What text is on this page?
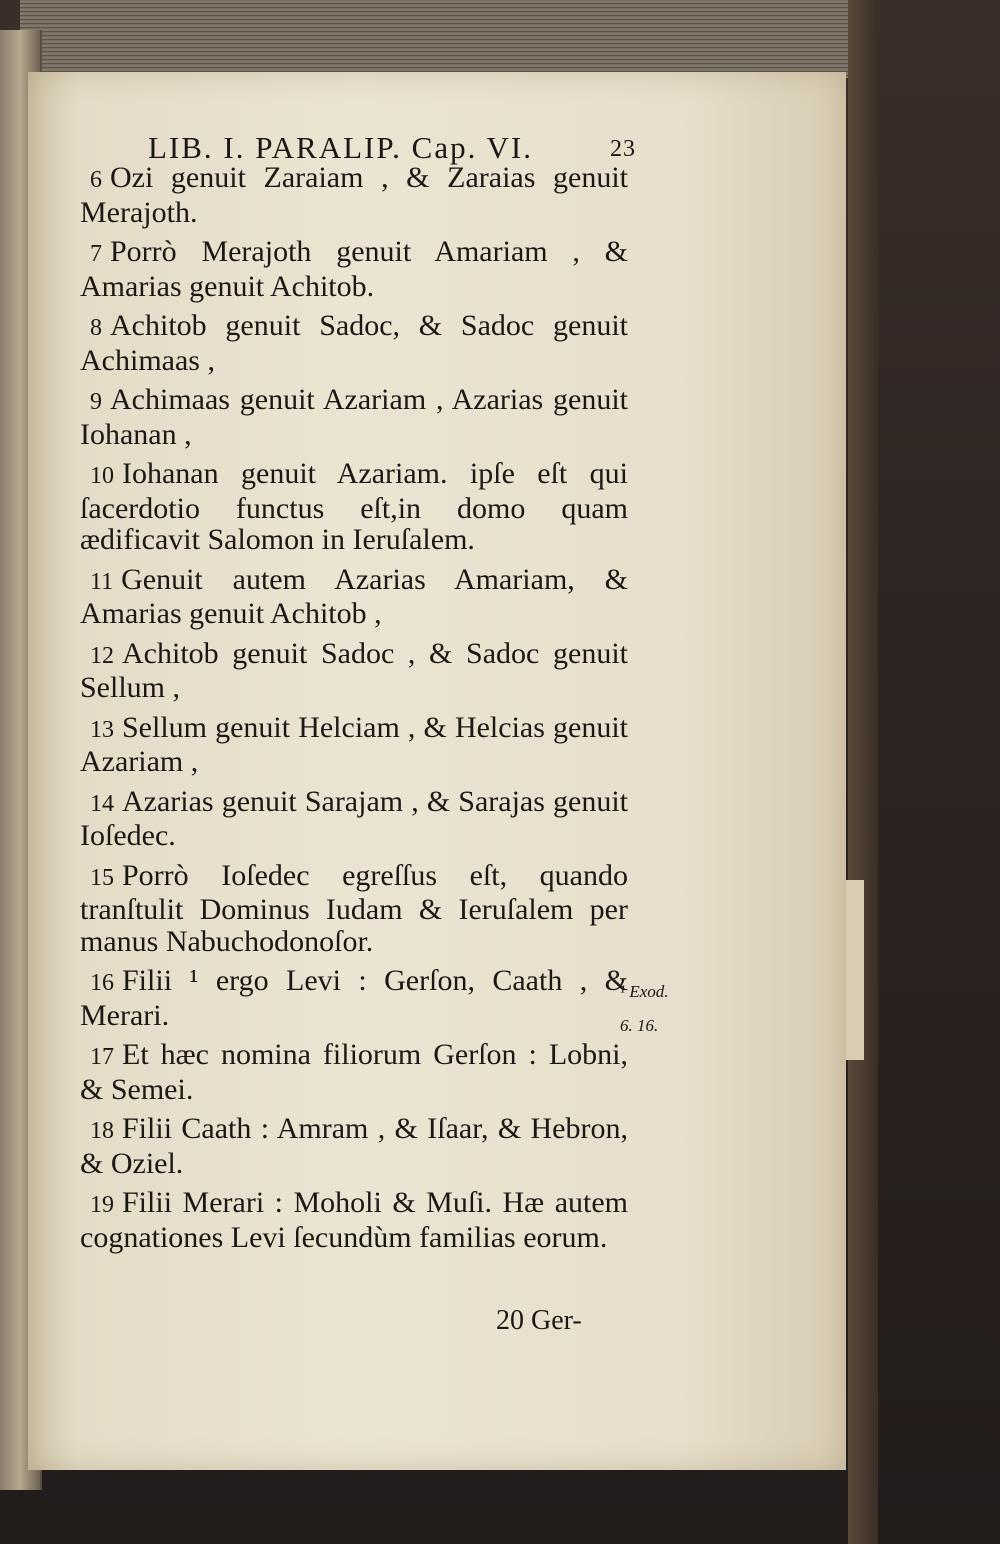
LIB. I. PARALIP. Cap. VI.	23

6 Ozi genuit Zaraiam , & Zaraias genuit Merajoth.

7 Porrò Merajoth genuit Amariam , & Amarias genuit Achitob.

8 Achitob genuit Sadoc, & Sadoc genuit Achimaas ,

9 Achimaas genuit Azariam , Azarias genuit Iohanan ,

10 Iohanan genuit Azariam. ipſe eſt qui ſacerdotio functus eſt,in domo quam ædificavit Salomon in Ieruſalem.

11 Genuit autem Azarias Amariam, & Amarias genuit Achitob ,

12 Achitob genuit Sadoc , & Sadoc genuit Sellum ,

13 Sellum genuit Helciam , & Helcias genuit Azariam ,

14 Azarias genuit Sarajam , & Sarajas genuit Ioſedec.

15 Porrò Ioſedec egreſſus eſt, quando tranſtulit Dominus Iudam & Ieruſalem per manus Nabuchodonoſor.

16 Filii ¹ ergo Levi : Gerſon, Caath , & Merari.

17 Et hæc nomina filiorum Gerſon : Lobni, & Semei.

18 Filii Caath : Amram , & Iſaar, & Hebron, & Oziel.

19 Filii Merari : Moholi & Muſi. Hæ autem cognationes Levi ſecundùm familias eorum.

¹ Exod.
6. 16.
20 Ger-
